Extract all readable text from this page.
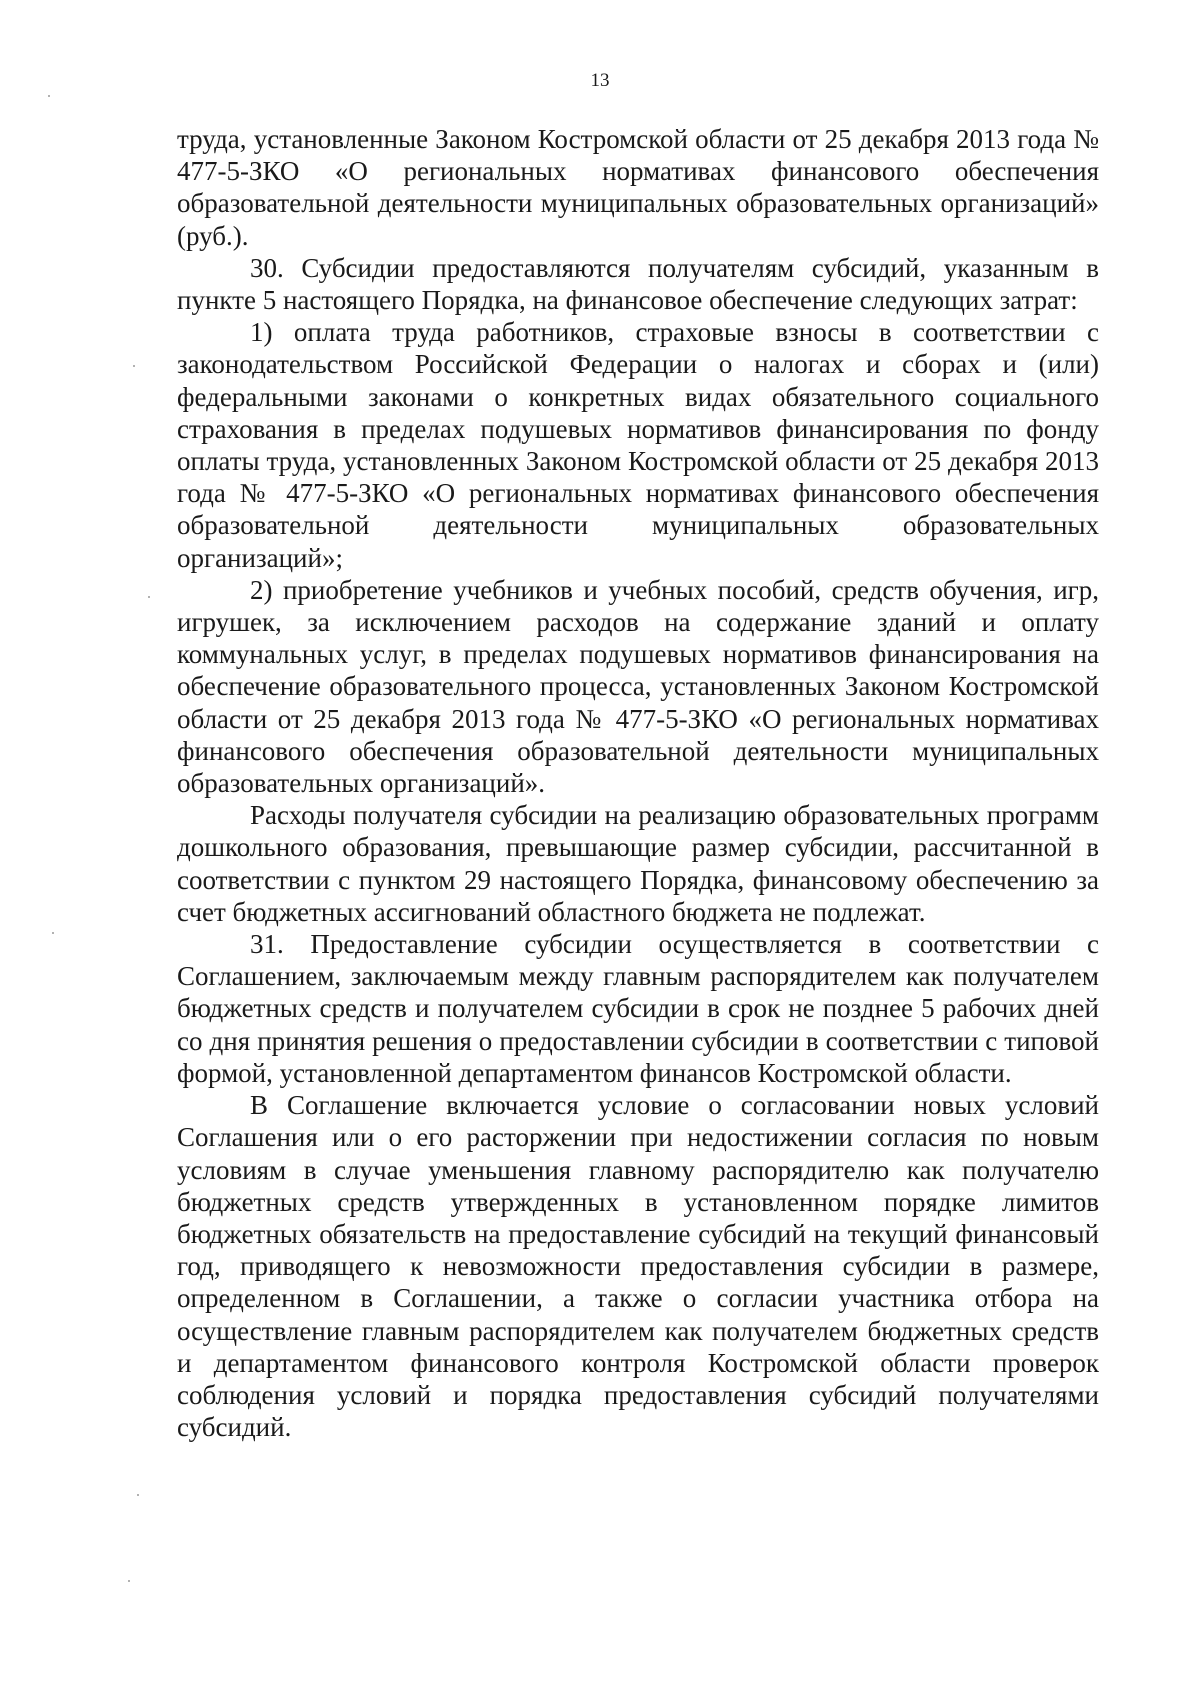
13

труда, установленные Законом Костромской области от 25 декабря 2013 года № 477-5-ЗКО «О региональных нормативах финансового обеспечения образовательной деятельности муниципальных образовательных организаций» (руб.).

30. Субсидии предоставляются получателям субсидий, указанным в пункте 5 настоящего Порядка, на финансовое обеспечение следующих затрат:

1) оплата труда работников, страховые взносы в соответствии с законодательством Российской Федерации о налогах и сборах и (или) федеральными законами о конкретных видах обязательного социального страхования в пределах подушевых нормативов финансирования по фонду оплаты труда, установленных Законом Костромской области от 25 декабря 2013 года № 477-5-ЗКО «О региональных нормативах финансового обеспечения образовательной деятельности муниципальных образовательных организаций»;

2) приобретение учебников и учебных пособий, средств обучения, игр, игрушек, за исключением расходов на содержание зданий и оплату коммунальных услуг, в пределах подушевых нормативов финансирования на обеспечение образовательного процесса, установленных Законом Костромской области от 25 декабря 2013 года № 477-5-ЗКО «О региональных нормативах финансового обеспечения образовательной деятельности муниципальных образовательных организаций».

Расходы получателя субсидии на реализацию образовательных программ дошкольного образования, превышающие размер субсидии, рассчитанной в соответствии с пунктом 29 настоящего Порядка, финансовому обеспечению за счет бюджетных ассигнований областного бюджета не подлежат.

31. Предоставление субсидии осуществляется в соответствии с Соглашением, заключаемым между главным распорядителем как получателем бюджетных средств и получателем субсидии в срок не позднее 5 рабочих дней со дня принятия решения о предоставлении субсидии в соответствии с типовой формой, установленной департаментом финансов Костромской области.

В Соглашение включается условие о согласовании новых условий Соглашения или о его расторжении при недостижении согласия по новым условиям в случае уменьшения главному распорядителю как получателю бюджетных средств утвержденных в установленном порядке лимитов бюджетных обязательств на предоставление субсидий на текущий финансовый год, приводящего к невозможности предоставления субсидии в размере, определенном в Соглашении, а также о согласии участника отбора на осуществление главным распорядителем как получателем бюджетных средств и департаментом финансового контроля Костромской области проверок соблюдения условий и порядка предоставления субсидий получателями субсидий.
